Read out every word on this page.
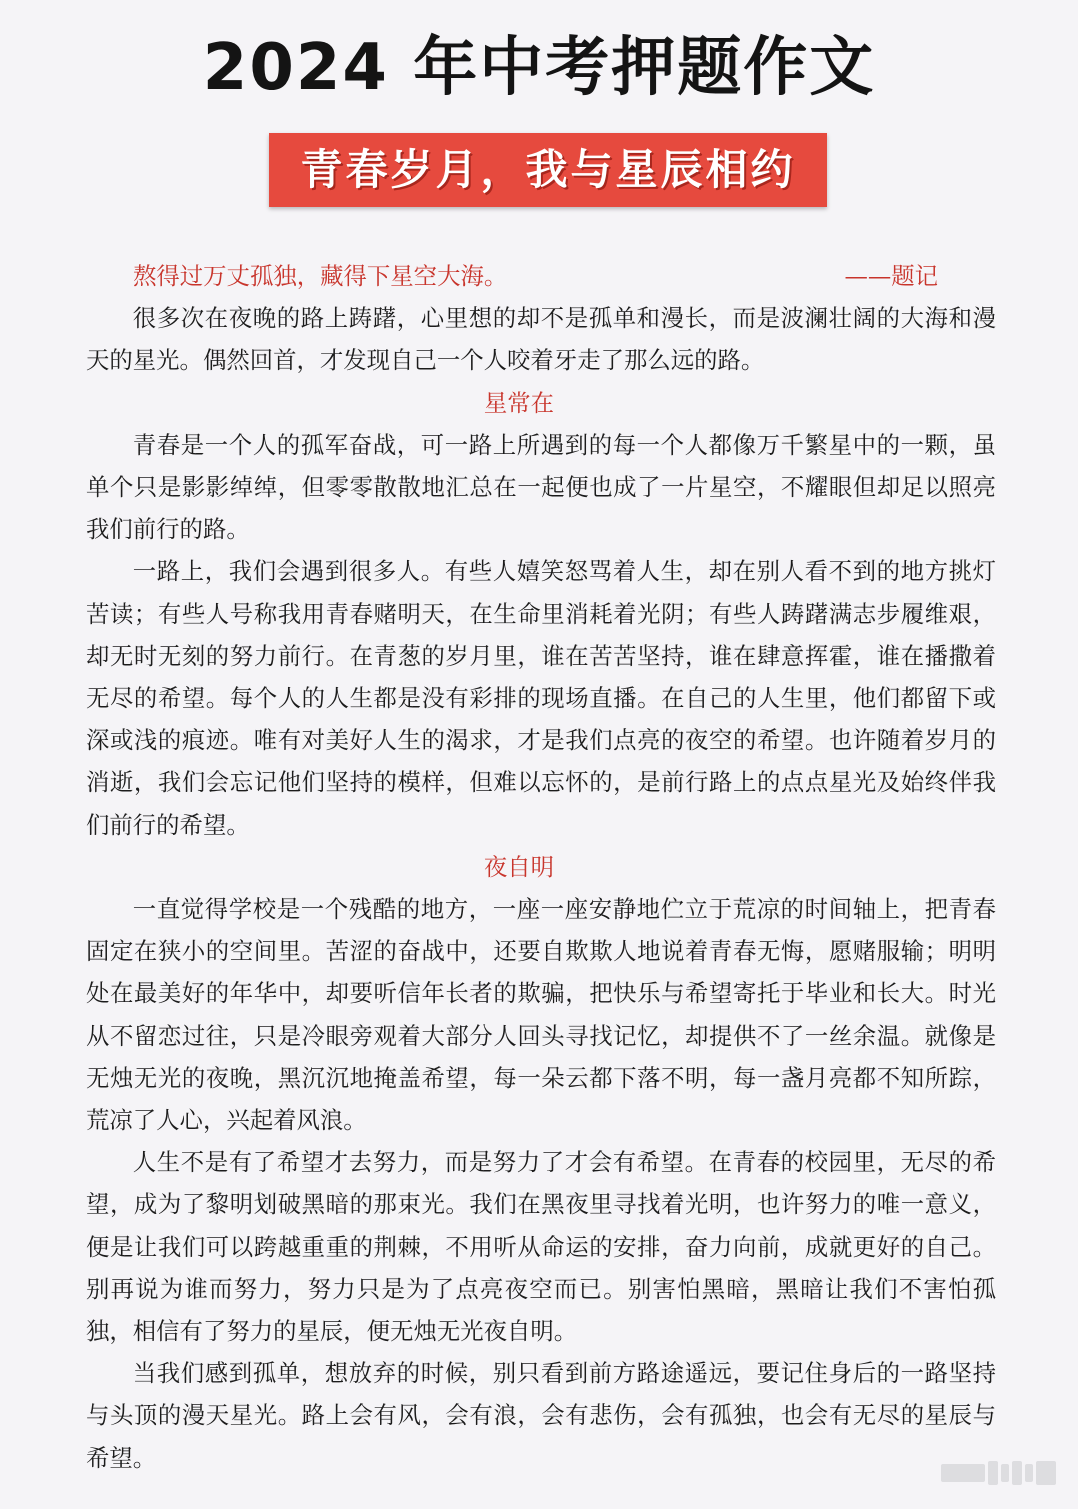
2024 年中考押题作文
青春岁月，我与星辰相约
熬得过万丈孤独，藏得下星空大海。	——题记

很多次在夜晚的路上踌躇，心里想的却不是孤单和漫长，而是波澜壮阔的大海和漫天的星光。偶然回首，才发现自己一个人咬着牙走了那么远的路。

星常在

青春是一个人的孤军奋战，可一路上所遇到的每一个人都像万千繁星中的一颗，虽单个只是影影绰绰，但零零散散地汇总在一起便也成了一片星空，不耀眼但却足以照亮我们前行的路。

一路上，我们会遇到很多人。有些人嬉笑怒骂着人生，却在别人看不到的地方挑灯苦读；有些人号称我用青春赌明天，在生命里消耗着光阴；有些人踌躇满志步履维艰，却无时无刻的努力前行。在青葱的岁月里，谁在苦苦坚持，谁在肆意挥霍，谁在播撒着无尽的希望。每个人的人生都是没有彩排的现场直播。在自己的人生里，他们都留下或深或浅的痕迹。唯有对美好人生的渴求，才是我们点亮的夜空的希望。也许随着岁月的消逝，我们会忘记他们坚持的模样，但难以忘怀的，是前行路上的点点星光及始终伴我们前行的希望。

夜自明

一直觉得学校是一个残酷的地方，一座一座安静地伫立于荒凉的时间轴上，把青春固定在狭小的空间里。苦涩的奋战中，还要自欺欺人地说着青春无悔，愿赌服输；明明处在最美好的年华中，却要听信年长者的欺骗，把快乐与希望寄托于毕业和长大。时光从不留恋过往，只是冷眼旁观着大部分人回头寻找记忆，却提供不了一丝余温。就像是无烛无光的夜晚，黑沉沉地掩盖希望，每一朵云都下落不明，每一盏月亮都不知所踪，荒凉了人心，兴起着风浪。

人生不是有了希望才去努力，而是努力了才会有希望。在青春的校园里，无尽的希望，成为了黎明划破黑暗的那束光。我们在黑夜里寻找着光明，也许努力的唯一意义，便是让我们可以跨越重重的荆棘，不用听从命运的安排，奋力向前，成就更好的自己。别再说为谁而努力，努力只是为了点亮夜空而已。别害怕黑暗，黑暗让我们不害怕孤独，相信有了努力的星辰，便无烛无光夜自明。

当我们感到孤单，想放弃的时候，别只看到前方路途遥远，要记住身后的一路坚持与头顶的漫天星光。路上会有风，会有浪，会有悲伤，会有孤独，也会有无尽的星辰与希望。
